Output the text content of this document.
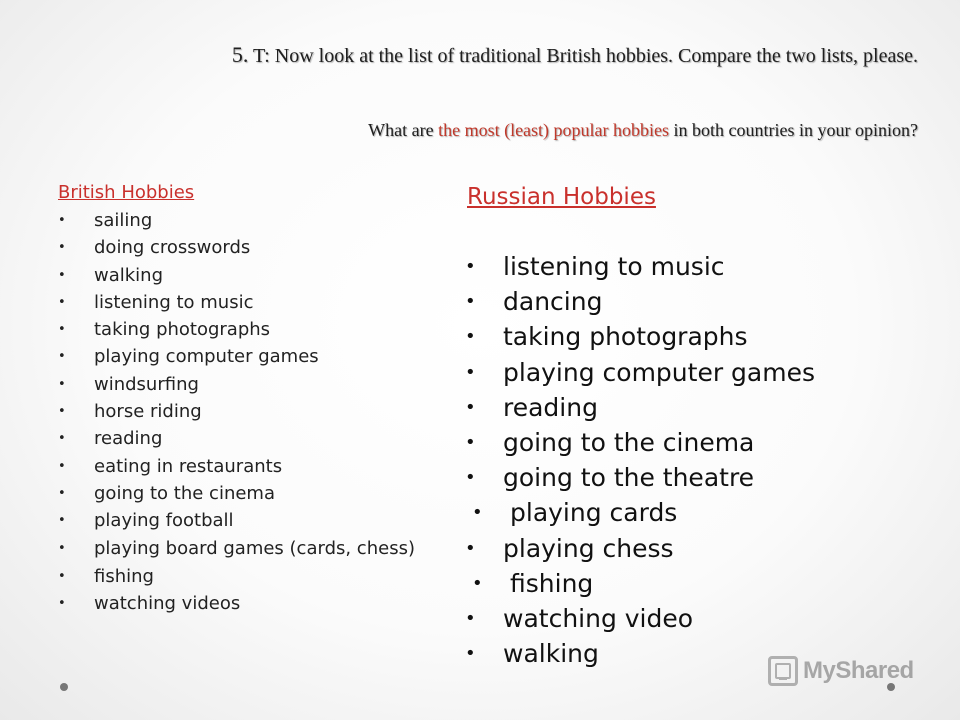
5. T: Now look at the list of traditional British hobbies. Compare the two lists, please.
What are the most (least) popular hobbies in both countries in your opinion?
British Hobbies
• sailing
• doing crosswords
• walking
• listening to music
• taking photographs
• playing computer games
• windsurfing
• horse riding
• reading
• eating in restaurants
• going to the cinema
• playing football
• playing board games (cards, chess)
• fishing
• watching videos
Russian Hobbies
• listening to music
• dancing
• taking photographs
• playing computer games
• reading
• going to the cinema
• going to the theatre
• playing cards
• playing chess
• fishing
• watching video
• walking
MyShared
